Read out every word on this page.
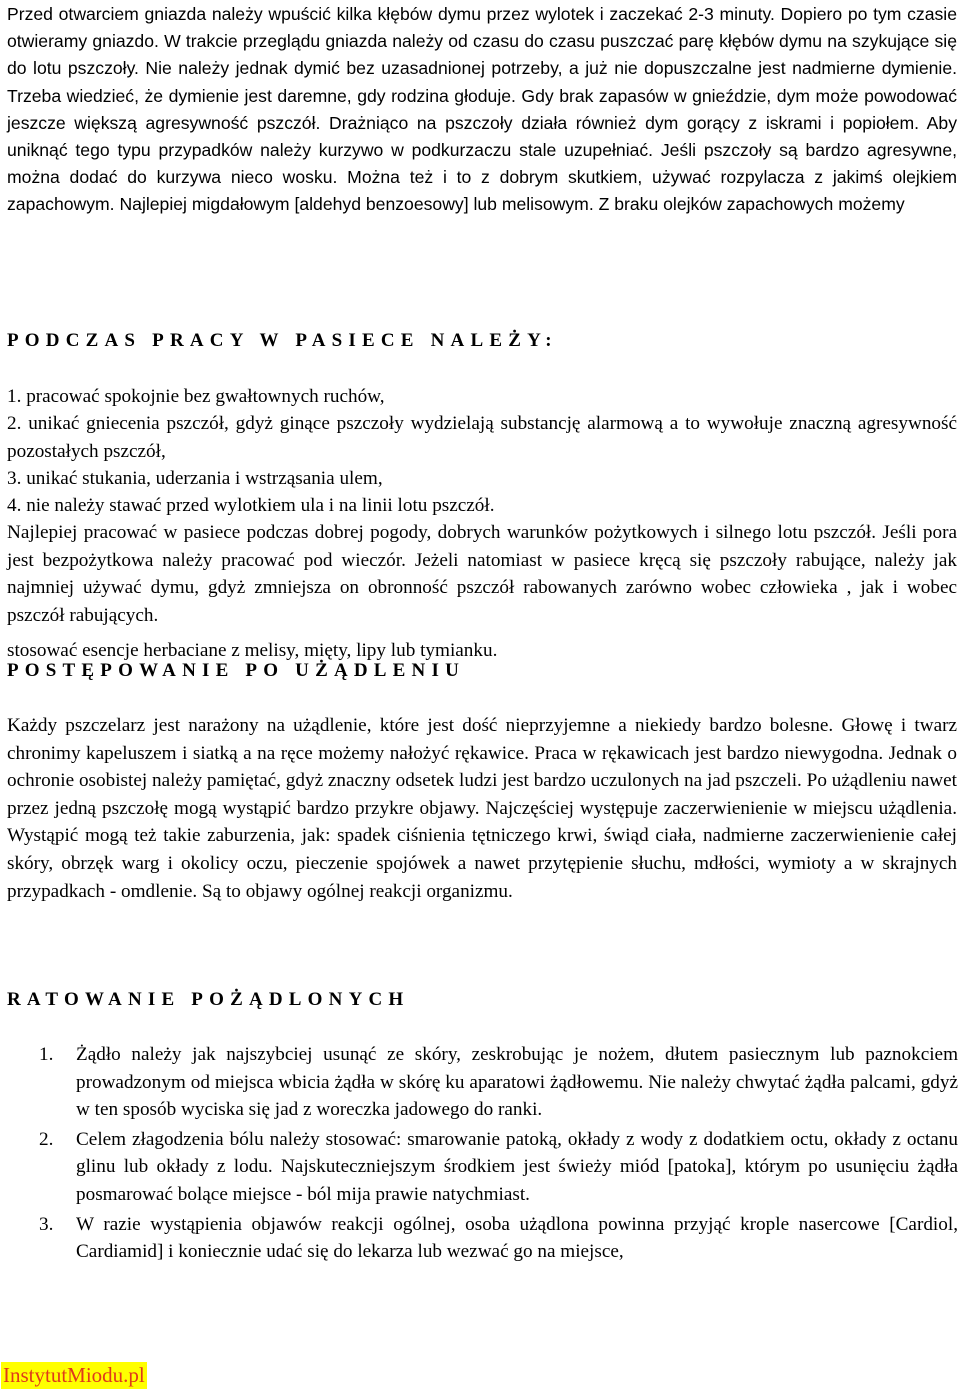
Przed otwarciem gniazda należy wpuścić kilka kłębów dymu przez wylotek i zaczekać 2-3 minuty. Dopiero po tym czasie otwieramy gniazdo. W trakcie przeglądu gniazda należy od czasu do czasu puszczać parę kłębów dymu na szykujące się do lotu pszczoły. Nie należy jednak dymić bez uzasadnionej potrzeby, a już nie dopuszczalne jest nadmierne dymienie. Trzeba wiedzieć, że dymienie jest daremne, gdy rodzina głoduje. Gdy brak zapasów w gnieździe, dym może powodować jeszcze większą agresywność pszczół. Drażniąco na pszczoły działa również dym gorący z iskrami i popiołem. Aby uniknąć tego typu przypadków należy kurzywo w podkurzaczu stale uzupełniać. Jeśli pszczoły są bardzo agresywne, można dodać do kurzywa nieco wosku. Można też i to z dobrym skutkiem, używać rozpylacza z jakimś olejkiem zapachowym. Najlepiej migdałowym [aldehyd benzoesowy] lub melisowym. Z braku olejków zapachowych możemy

stosować esencje herbaciane z melisy, mięty, lipy lub tymianku.
PODCZAS PRACY W PASIECE NALEŻY:
1. pracować spokojnie bez gwałtownych ruchów,

2. unikać gniecenia pszczół, gdyż ginące pszczoły wydzielają substancję alarmową a to wywołuje znaczną agresywność pozostałych pszczół,

3. unikać stukania, uderzania i wstrząsania ulem,
4. nie należy stawać przed wylotkiem ula i na linii lotu pszczół.

Najlepiej pracować w pasiece podczas dobrej pogody, dobrych warunków pożytkowych i silnego lotu pszczół. Jeśli pora jest bezpożytkowa należy pracować pod wieczór. Jeżeli natomiast w pasiece kręcą się pszczoły rabujące, należy jak najmniej używać dymu, gdyż zmniejsza on obronność pszczół rabowanych zarówno wobec człowieka , jak i wobec pszczół rabujących.

POSTĘPOWANIE PO UŻĄDLENIU

Każdy pszczelarz jest narażony na użądlenie, które jest dość nieprzyjemne a niekiedy bardzo bolesne. Głowę i twarz chronimy kapeluszem i siatką a na ręce możemy nałożyć rękawice. Praca w rękawicach jest bardzo niewygodna. Jednak o ochronie osobistej należy pamiętać, gdyż znaczny odsetek ludzi jest bardzo uczulonych na jad pszczeli. Po użądleniu nawet przez jedną pszczołę mogą wystąpić bardzo przykre objawy. Najczęściej występuje zaczerwienienie w miejscu użądlenia. Wystąpić mogą też takie zaburzenia, jak: spadek ciśnienia tętniczego krwi, świąd ciała, nadmierne zaczerwienienie całej skóry, obrzęk warg i okolicy oczu, pieczenie spojówek a nawet przytępienie słuchu, mdłości, wymioty a w skrajnych przypadkach - omdlenie. Są to objawy ogólnej reakcji organizmu.

RATOWANIE POŻĄDLONYCH
1. Żądło należy jak najszybciej usunąć ze skóry, zeskrobując je nożem, dłutem pasiecznym lub paznokciem prowadzonym od miejsca wbicia żądła w skórę ku aparatowi żądłowemu. Nie należy chwytać żądła palcami, gdyż w ten sposób wyciska się jad z woreczka jadowego do ranki.
2. Celem złagodzenia bólu należy stosować: smarowanie patoką, okłady z wody z dodatkiem octu, okłady z octanu glinu lub okłady z lodu. Najskuteczniejszym środkiem jest świeży miód [patoka], którym po usunięciu żądła posmarować bolące miejsce - ból mija prawie natychmiast.
3. W razie wystąpienia objawów reakcji ogólnej, osoba użądlona powinna przyjąć krople nasercowe [Cardiol, Cardiamid] i koniecznie udać się do lekarza lub wezwać go na miejsce,
InstytutMiodu.pl
